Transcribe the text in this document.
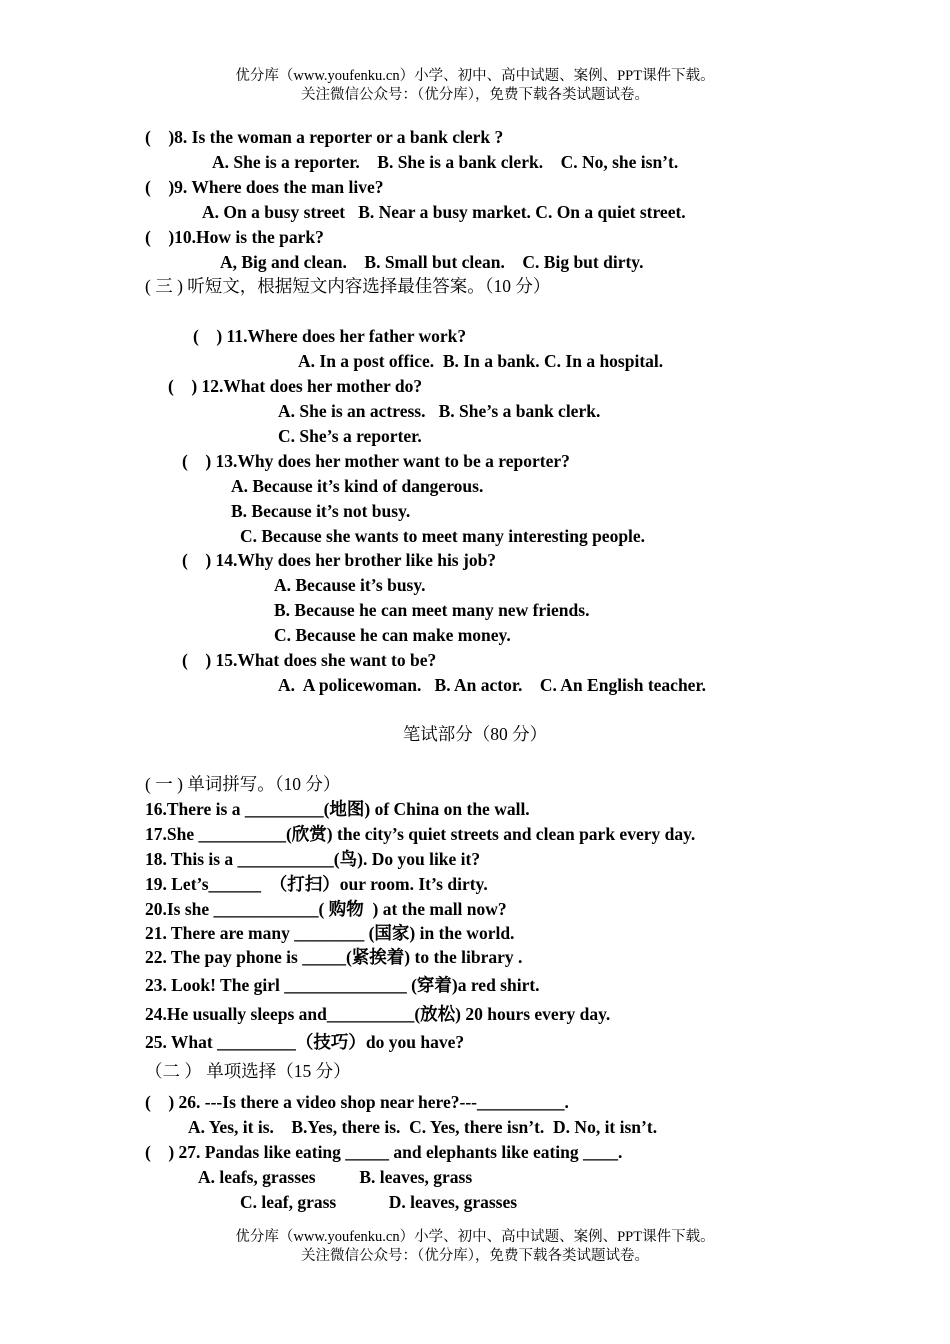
优分库（www.youfenku.cn）小学、初中、高中试题、案例、PPT课件下载。
关注微信公众号：（优分库），免费下载各类试题试卷。
(    )8. Is the woman a reporter or a bank clerk ?
A. She is a reporter.    B. She is a bank clerk.    C. No, she isn’t.
(    )9. Where does the man live?
A. On a busy street   B. Near a busy market. C. On a quiet street.
(    )10.How is the park?
A, Big and clean.    B. Small but clean.    C. Big but dirty.
( 三 ) 听短文，根据短文内容选择最佳答案。（10 分）
(    ) 11.Where does her father work?
A. In a post office.  B. In a bank. C. In a hospital.
(    ) 12.What does her mother do?
A. She is an actress.   B. She’s a bank clerk.
C. She’s a reporter.
(    ) 13.Why does her mother want to be a reporter?
A. Because it’s kind of dangerous.
B. Because it’s not busy.
C. Because she wants to meet many interesting people.
(    ) 14.Why does her brother like his job?
A. Because it’s busy.
B. Because he can meet many new friends.
C. Because he can make money.
(    ) 15.What does she want to be?
A.  A policewoman.   B. An actor.    C. An English teacher.
笔试部分（80 分）
( 一 ) 单词拼写。（10 分）
16.There is a _________(地图) of China on the wall.
17.She __________(欣赏) the city’s quiet streets and clean park every day.
18. This is a ___________(鸟). Do you like it?
19. Let’s______  （打扫）our room. It’s dirty.
20.Is she ____________( 购物  ) at the mall now?
21. There are many ________ (国家) in the world.
22. The pay phone is _____(紧挨着) to the library .
23. Look! The girl ______________ (穿着)a red shirt.
24.He usually sleeps and__________(放松) 20 hours every day.
25. What _________（技巧）do you have?
（二 ） 单项选择（15 分）
(    ) 26. ---Is there a video shop near here?---__________.
A. Yes, it is.    B.Yes, there is.  C. Yes, there isn’t.  D. No, it isn’t.
(    ) 27. Pandas like eating _____ and elephants like eating ____.
A. leafs, grasses          B. leaves, grass
C. leaf, grass            D. leaves, grasses
优分库（www.youfenku.cn）小学、初中、高中试题、案例、PPT课件下载。
关注微信公众号：（优分库），免费下载各类试题试卷。
